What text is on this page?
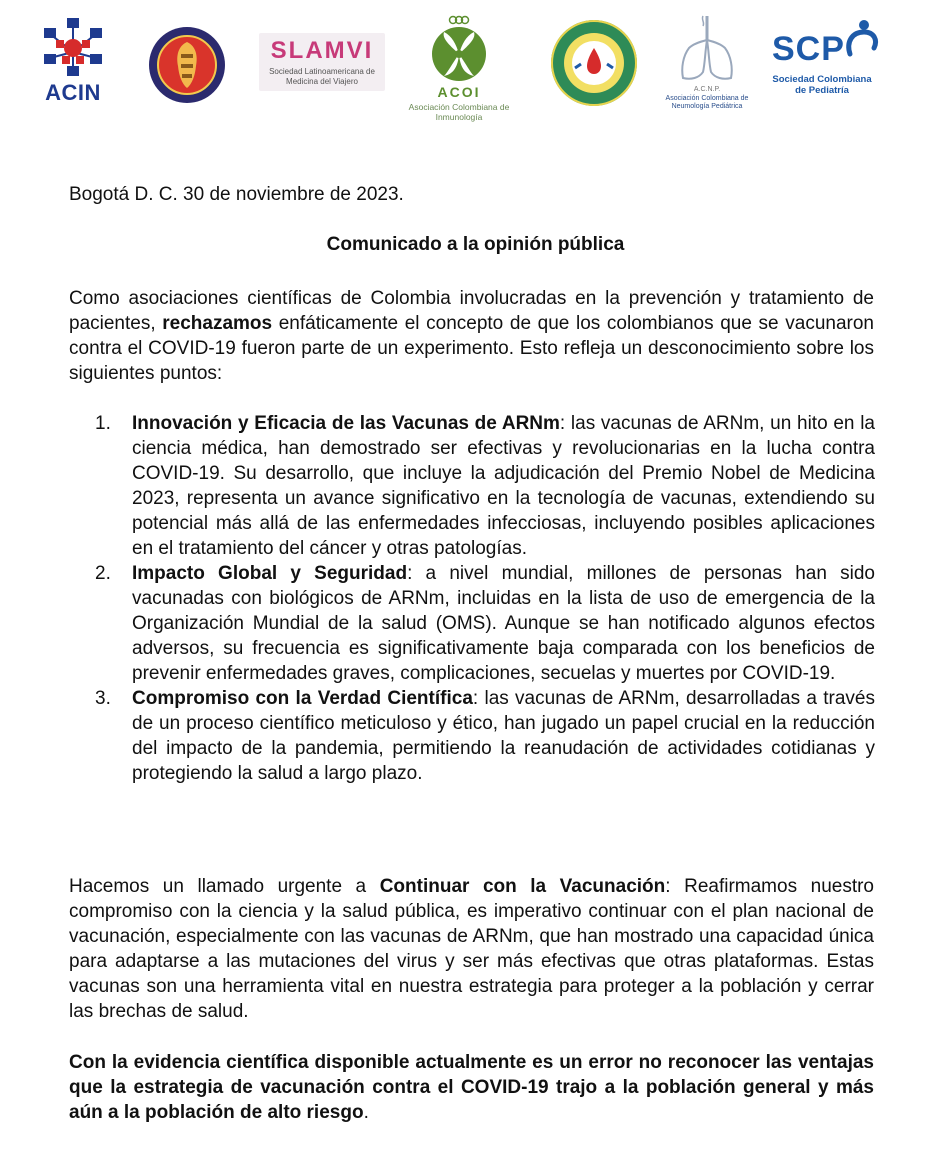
ACIN
SLAMVI
Sociedad Latinoamericana de Medicina del Viajero
ACOI
Asociación Colombiana de Inmunología
A.C.N.P.
Asociación Colombiana de Neumología Pediátrica
SCP
Sociedad Colombiana de Pediatría
Bogotá D. C. 30 de noviembre de 2023.
Comunicado a la opinión pública
Como asociaciones científicas de Colombia involucradas en la prevención y tratamiento de pacientes, rechazamos enfáticamente el concepto de que los colombianos que se vacunaron contra el COVID-19 fueron parte de un experimento. Esto refleja un desconocimiento sobre los siguientes puntos:
1. Innovación y Eficacia de las Vacunas de ARNm: las vacunas de ARNm, un hito en la ciencia médica, han demostrado ser efectivas y revolucionarias en la lucha contra COVID-19. Su desarrollo, que incluye la adjudicación del Premio Nobel de Medicina 2023, representa un avance significativo en la tecnología de vacunas, extendiendo su potencial más allá de las enfermedades infecciosas, incluyendo posibles aplicaciones en el tratamiento del cáncer y otras patologías.
2. Impacto Global y Seguridad: a nivel mundial, millones de personas han sido vacunadas con biológicos de ARNm, incluidas en la lista de uso de emergencia de la Organización Mundial de la salud (OMS). Aunque se han notificado algunos efectos adversos, su frecuencia es significativamente baja comparada con los beneficios de prevenir enfermedades graves, complicaciones, secuelas y muertes por COVID-19.
3. Compromiso con la Verdad Científica: las vacunas de ARNm, desarrolladas a través de un proceso científico meticuloso y ético, han jugado un papel crucial en la reducción del impacto de la pandemia, permitiendo la reanudación de actividades cotidianas y protegiendo la salud a largo plazo.
Hacemos un llamado urgente a Continuar con la Vacunación: Reafirmamos nuestro compromiso con la ciencia y la salud pública, es imperativo continuar con el plan nacional de vacunación, especialmente con las vacunas de ARNm, que han mostrado una capacidad única para adaptarse a las mutaciones del virus y ser más efectivas que otras plataformas. Estas vacunas son una herramienta vital en nuestra estrategia para proteger a la población y cerrar las brechas de salud.
Con la evidencia científica disponible actualmente es un error no reconocer las ventajas que la estrategia de vacunación contra el COVID-19 trajo a la población general y más aún a la población de alto riesgo.
